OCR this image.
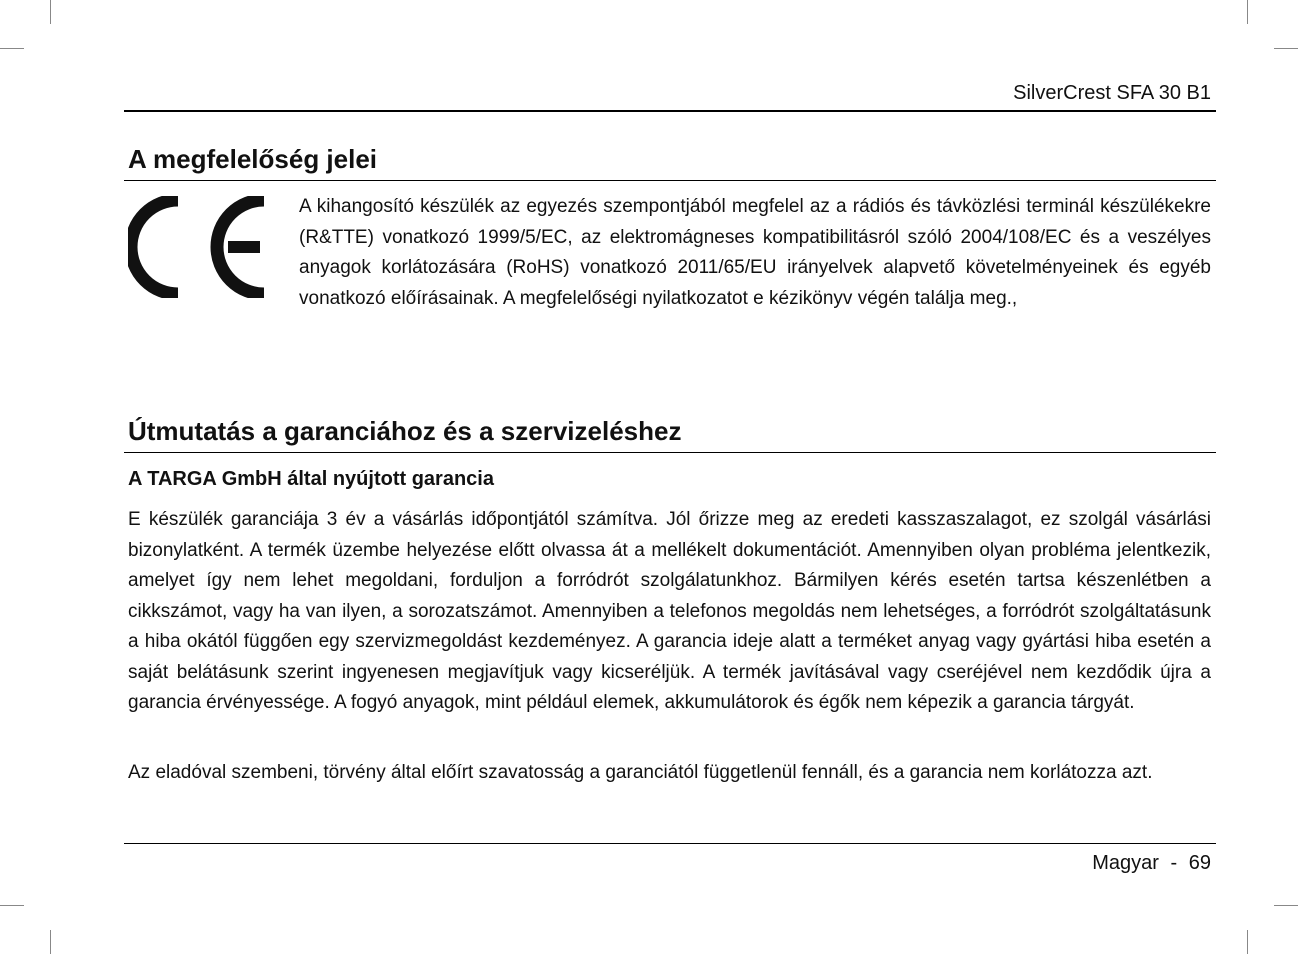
SilverCrest SFA 30 B1
A megfelelőség jelei

A kihangosító készülék az egyezés szempontjából megfelel az a rádiós és távközlési terminál készülékekre (R&TTE) vonatkozó 1999/5/EC, az elektromágneses kompatibilitásról szóló 2004/108/EC és a veszélyes anyagok korlátozására (RoHS) vonatkozó 2011/65/EU irányelvek alapvető követelményeinek és egyéb vonatkozó előírásainak. A megfelelőségi nyilatkozatot e kézikönyv végén találja meg.,

Útmutatás a garanciához és a szervizeléshez
A TARGA GmbH által nyújtott garancia

E készülék garanciája 3 év a vásárlás időpontjától számítva. Jól őrizze meg az eredeti kasszaszalagot, ez szolgál vásárlási bizonylatként. A termék üzembe helyezése előtt olvassa át a mellékelt dokumentációt. Amennyiben olyan probléma jelentkezik, amelyet így nem lehet megoldani, forduljon a forródrót szolgálatunkhoz. Bármilyen kérés esetén tartsa készenlétben a cikkszámot, vagy ha van ilyen, a sorozatszámot. Amennyiben a telefonos megoldás nem lehetséges, a forródrót szolgáltatásunk a hiba okától függően egy szervizmegoldást kezdeményez. A garancia ideje alatt a terméket anyag vagy gyártási hiba esetén a saját belátásunk szerint ingyenesen megjavítjuk vagy kicseréljük. A termék javításával vagy cseréjével nem kezdődik újra a garancia érvényessége. A fogyó anyagok, mint például elemek, akkumulátorok és égők nem képezik a garancia tárgyát.

Az eladóval szembeni, törvény által előírt szavatosság a garanciától függetlenül fennáll, és a garancia nem korlátozza azt.

Magyar - 69
